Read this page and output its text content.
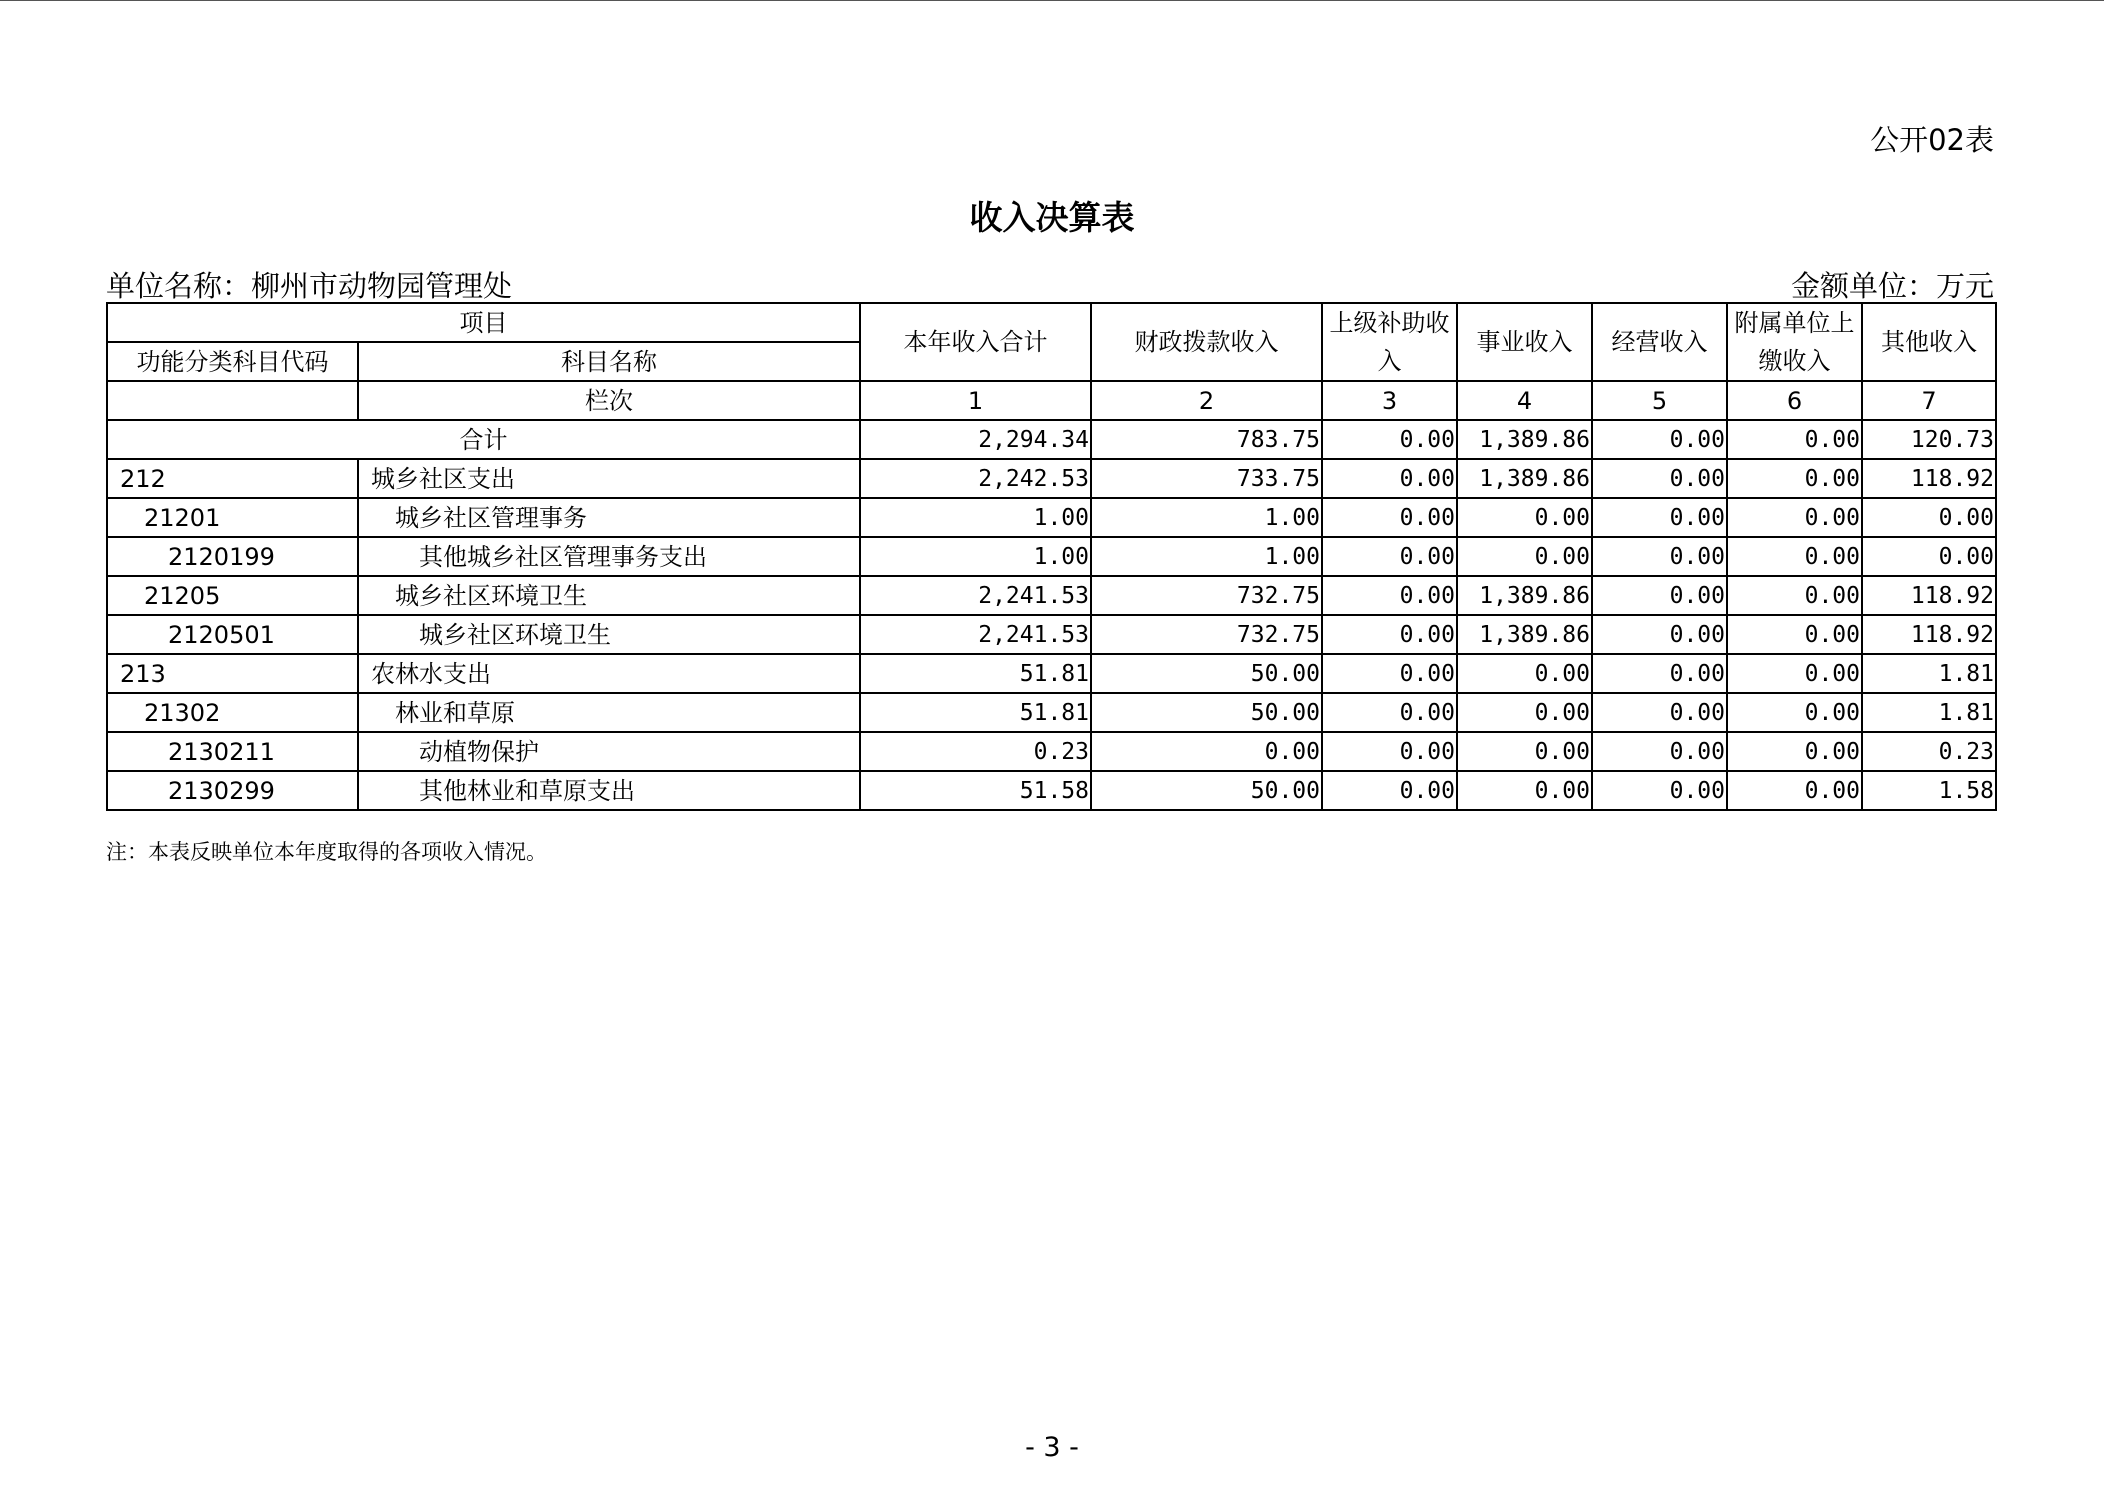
公开02表
收入决算表
单位名称：柳州市动物园管理处	金额单位：万元
项目		本年收入合计	财政拨款收入	上级补助收入	事业收入	经营收入	附属单位上缴收入	其他收入
功能分类科目代码	科目名称							
	栏次	1	2	3	4	5	6	7
合计		2,294.34	783.75	0.00	1,389.86	0.00	0.00	120.73
212	城乡社区支出	2,242.53	733.75	0.00	1,389.86	0.00	0.00	118.92
21201	城乡社区管理事务	1.00	1.00	0.00	0.00	0.00	0.00	0.00
2120199	其他城乡社区管理事务支出	1.00	1.00	0.00	0.00	0.00	0.00	0.00
21205	城乡社区环境卫生	2,241.53	732.75	0.00	1,389.86	0.00	0.00	118.92
2120501	城乡社区环境卫生	2,241.53	732.75	0.00	1,389.86	0.00	0.00	118.92
213	农林水支出	51.81	50.00	0.00	0.00	0.00	0.00	1.81
21302	林业和草原	51.81	50.00	0.00	0.00	0.00	0.00	1.81
2130211	动植物保护	0.23	0.00	0.00	0.00	0.00	0.00	0.23
2130299	其他林业和草原支出	51.58	50.00	0.00	0.00	0.00	0.00	1.58
注：本表反映单位本年度取得的各项收入情况。
- 3 -
